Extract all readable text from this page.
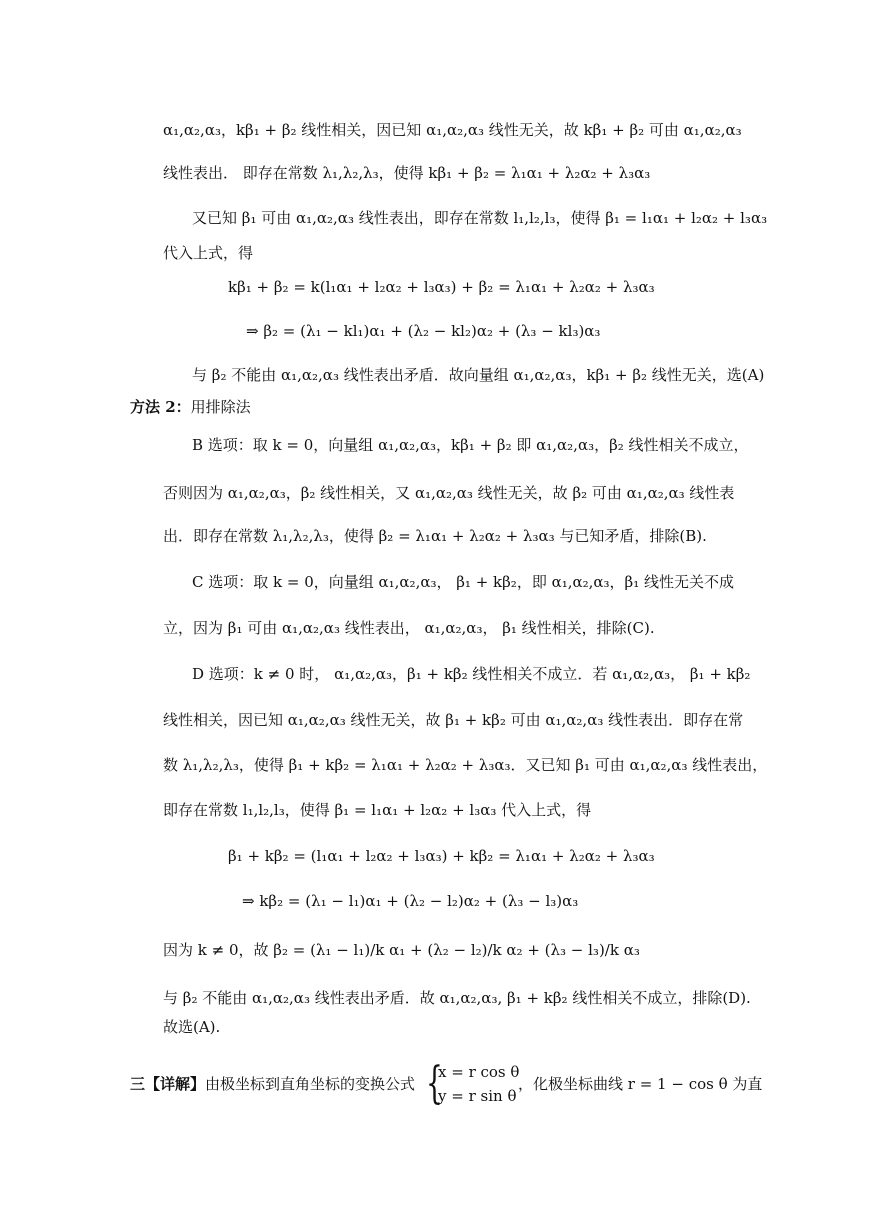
α₁,α₂,α₃，kβ₁ + β₂ 线性相关，因已知 α₁,α₂,α₃ 线性无关，故 kβ₁ + β₂ 可由 α₁,α₂,α₃
线性表出． 即存在常数 λ₁,λ₂,λ₃，使得 kβ₁ + β₂ = λ₁α₁ + λ₂α₂ + λ₃α₃
又已知 β₁ 可由 α₁,α₂,α₃ 线性表出，即存在常数 l₁,l₂,l₃，使得 β₁ = l₁α₁ + l₂α₂ + l₃α₃
代入上式，得
kβ₁ + β₂ = k(l₁α₁ + l₂α₂ + l₃α₃) + β₂ = λ₁α₁ + λ₂α₂ + λ₃α₃
⇒ β₂ = (λ₁ − kl₁)α₁ + (λ₂ − kl₂)α₂ + (λ₃ − kl₃)α₃
与 β₂ 不能由 α₁,α₂,α₃ 线性表出矛盾．故向量组 α₁,α₂,α₃，kβ₁ + β₂ 线性无关，选(A)
方法 2：用排除法
B 选项：取 k = 0，向量组 α₁,α₂,α₃，kβ₁ + β₂ 即 α₁,α₂,α₃，β₂ 线性相关不成立，
否则因为 α₁,α₂,α₃，β₂ 线性相关，又 α₁,α₂,α₃ 线性无关，故 β₂ 可由 α₁,α₂,α₃ 线性表
出．即存在常数 λ₁,λ₂,λ₃，使得 β₂ = λ₁α₁ + λ₂α₂ + λ₃α₃ 与已知矛盾，排除(B).
C 选项：取 k = 0，向量组 α₁,α₂,α₃， β₁ + kβ₂，即 α₁,α₂,α₃，β₁ 线性无关不成
立，因为 β₁ 可由 α₁,α₂,α₃ 线性表出， α₁,α₂,α₃， β₁ 线性相关，排除(C).
D 选项：k ≠ 0 时， α₁,α₂,α₃，β₁ + kβ₂ 线性相关不成立．若 α₁,α₂,α₃， β₁ + kβ₂
线性相关，因已知 α₁,α₂,α₃ 线性无关，故 β₁ + kβ₂ 可由 α₁,α₂,α₃ 线性表出．即存在常
数 λ₁,λ₂,λ₃，使得 β₁ + kβ₂ = λ₁α₁ + λ₂α₂ + λ₃α₃．又已知 β₁ 可由 α₁,α₂,α₃ 线性表出，
即存在常数 l₁,l₂,l₃，使得 β₁ = l₁α₁ + l₂α₂ + l₃α₃ 代入上式，得
β₁ + kβ₂ = (l₁α₁ + l₂α₂ + l₃α₃) + kβ₂ = λ₁α₁ + λ₂α₂ + λ₃α₃
⇒ kβ₂ = (λ₁ − l₁)α₁ + (λ₂ − l₂)α₂ + (λ₃ − l₃)α₃
因为 k ≠ 0，故 β₂ = (λ₁ − l₁)/k α₁ + (λ₂ − l₂)/k α₂ + (λ₃ − l₃)/k α₃
与 β₂ 不能由 α₁,α₂,α₃ 线性表出矛盾．故 α₁,α₂,α₃, β₁ + kβ₂ 线性相关不成立，排除(D).
故选(A).
三【详解】由极坐标到直角坐标的变换公式 {
x = r cos θ
y = r sin θ
，化极坐标曲线 r = 1 − cos θ 为直
